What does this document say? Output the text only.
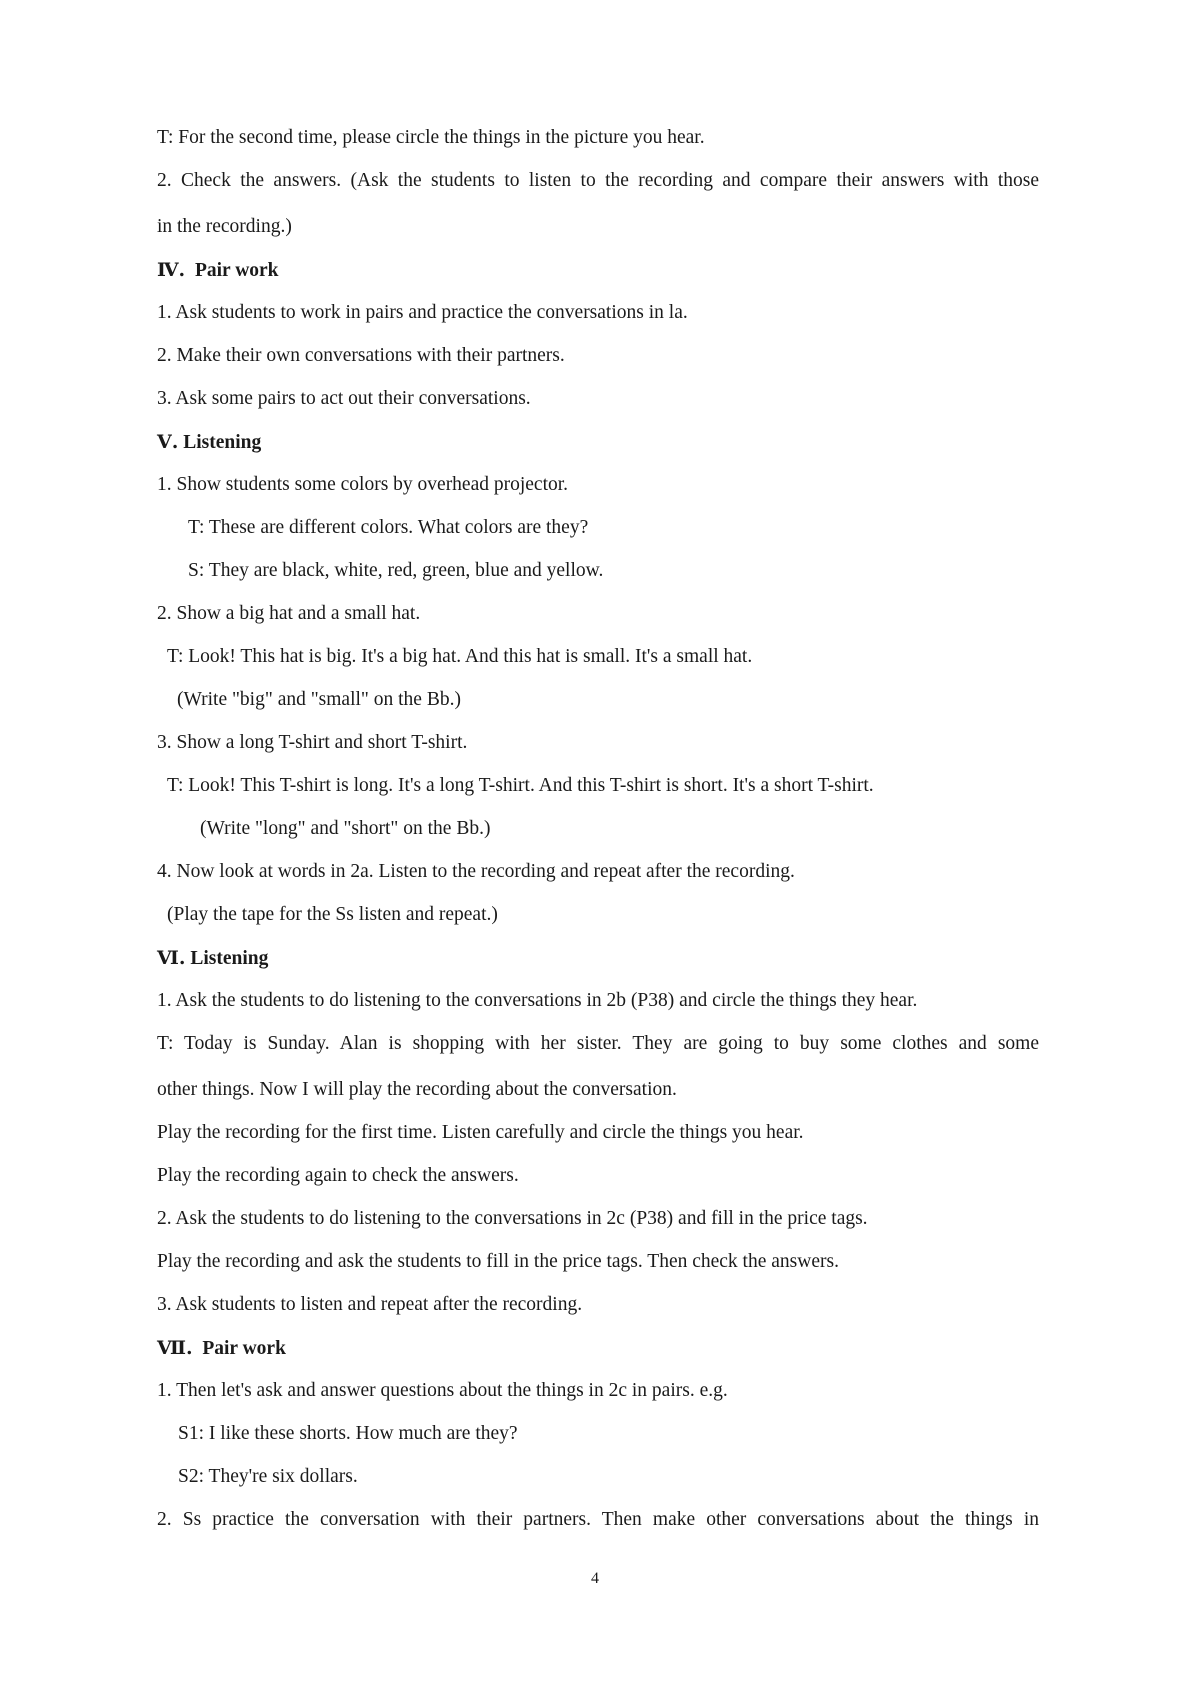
T: For the second time, please circle the things in the picture you hear.
2. Check the answers. (Ask the students to listen to the recording and compare their answers with those
in the recording.)
Ⅳ. Pair work
1. Ask students to work in pairs and practice the conversations in la.
2. Make their own conversations with their partners.
3. Ask some pairs to act out their conversations.
Ⅴ. Listening
1. Show students some colors by overhead projector.
T: These are different colors. What colors are they?
S: They are black, white, red, green, blue and yellow.
2. Show a big hat and a small hat.
T: Look! This hat is big. It's a big hat. And this hat is small. It's a small hat.
(Write "big" and "small" on the Bb.)
3. Show a long T-shirt and short T-shirt.
T: Look! This T-shirt is long. It's a long T-shirt. And this T-shirt is short. It's a short T-shirt.
(Write "long" and "short" on the Bb.)
4. Now look at words in 2a. Listen to the recording and repeat after the recording.
(Play the tape for the Ss listen and repeat.)
Ⅵ. Listening
1. Ask the students to do listening to the conversations in 2b (P38) and circle the things they hear.
T: Today is Sunday. Alan is shopping with her sister. They are going to buy some clothes and some
other things. Now I will play the recording about the conversation.
Play the recording for the first time. Listen carefully and circle the things you hear.
Play the recording again to check the answers.
2. Ask the students to do listening to the conversations in 2c (P38) and fill in the price tags.
Play the recording and ask the students to fill in the price tags. Then check the answers.
3. Ask students to listen and repeat after the recording.
Ⅶ. Pair work
1. Then let's ask and answer questions about the things in 2c in pairs. e.g.
S1: I like these shorts. How much are they?
S2: They're six dollars.
2. Ss practice the conversation with their partners. Then make other conversations about the things in
4
